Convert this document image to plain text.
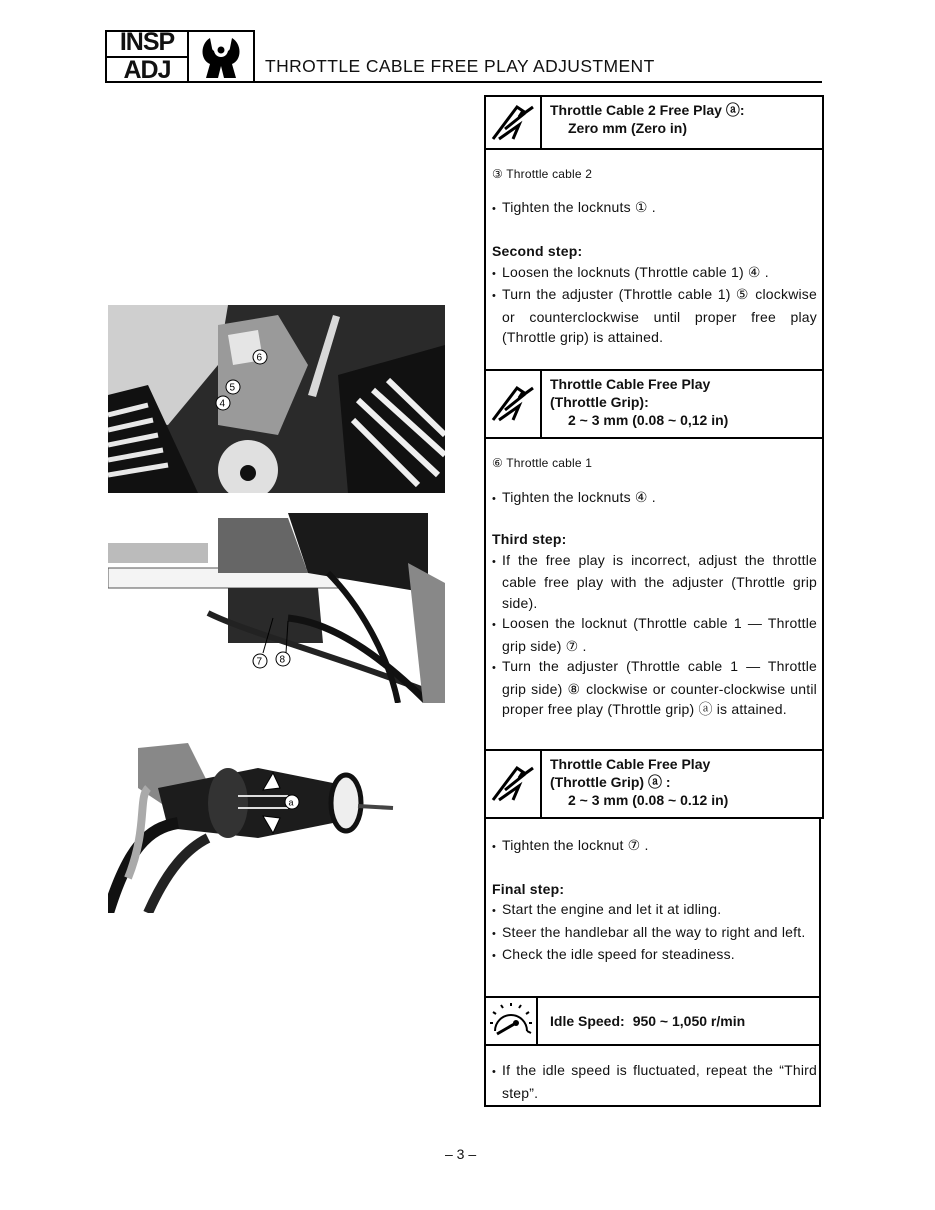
INSP
ADJ	THROTTLE CABLE FREE PLAY ADJUSTMENT
6
5
4
7 8
a
Throttle Cable 2 Free Play ⓐ:
Zero mm (Zero in)
③ Throttle cable 2
• Tighten the locknuts ① .
Second step:
• Loosen the locknuts (Throttle cable 1) ④ .
• Turn the adjuster (Throttle cable 1) ⑤ clockwise or counterclockwise until proper free play (Throttle grip) is attained.
Throttle Cable Free Play
(Throttle Grip):
2 ~ 3 mm (0.08 ~ 0,12 in)
⑥ Throttle cable 1
• Tighten the locknuts ④ .
Third step:
• If the free play is incorrect, adjust the throttle cable free play with the adjuster (Throttle grip side).
• Loosen the locknut (Throttle cable 1 — Throttle grip side) ⑦ .
• Turn the adjuster (Throttle cable 1 — Throttle grip side) ⑧ clockwise or counter-clockwise until proper free play (Throttle grip) ⓐ is attained.
Throttle Cable Free Play
(Throttle Grip) ⓐ :
2 ~ 3 mm (0.08 ~ 0.12 in)
• Tighten the locknut ⑦ .
Final step:
• Start the engine and let it at idling.
• Steer the handlebar all the way to right and left.
• Check the idle speed for steadiness.
Idle Speed: 950 ~ 1,050 r/min
• If the idle speed is fluctuated, repeat the “Third step”.
– 3 –
